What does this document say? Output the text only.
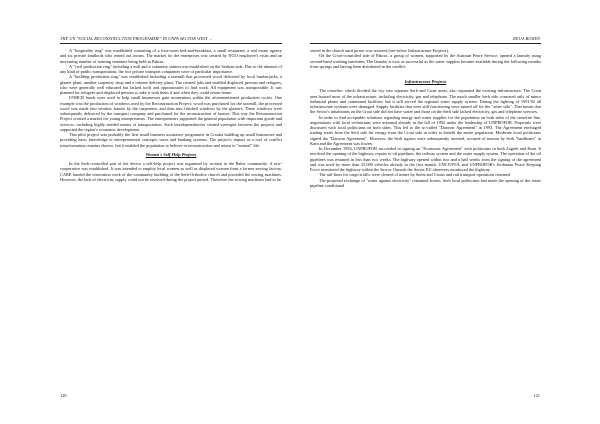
THE UN "SOCIAL RECONSTRUCTION PROGRAMME" IN UNPA SECTOR WEST ...	REIJA BOIIEN

A "hospitality ring" was established consisting of a four-room bed-and-breakfast, a small restaurant, a real estate agency and six private landlords who rented out rooms. The market for the enterprises was created by NGO employee's visits and an increasing number of training seminars being held in Pakrac.

A "civil production ring" including a mill and a voluntary station was established on the Serbian side. Due to the absence of any kind of public transportation, the two private transport companies were of particular importance.

A "building production ring" was established including a sawmill that processed wood delivered by local lumberjacks, a glazier plant, another carpentry shop and a cement delivery plant. The created jobs and enabled displaced persons and refugees, who were generally well educated but lacked tools and opportunities to find work. All equipment was transportable. It was planned for refugees and displaced persons to take it with them if and when they could return home.

UNHCR funds were used to help small businesses gain momentum within the aforementioned production cycles. One example was the production of windows used by the Reconstruction Project: wood was purchased for the sawmill, the processed wood was made into window frames by the carpenters, and then into finished windows by the glaziers. These windows were subsequently delivered by the transport company and purchased for the reconstruction of houses. This way the Reconstruction Project created a market for young entrepreneurs. The entrepreneurs supported the general population with important goods and services, including highly needed means of transportation. Such interdependencies created synergies between the projects and supported the region's economic development.

This pilot project was probably the first small business assistance programme in Croatia building up small businesses and providing basic knowledge of entrepreneurial concepts, taxes and banking systems. The project's impact as a tool of conflict transformation remains elusive, but it enabled the population to believe in reconstruction and return to "normal" life.

Women's Self-Help Projects

In the Serb-controlled part of the Sector a self-help project was organised by women in the Baltic community. A sew-cooperative was established. It was intended to employ local women as well as displaced women from a former sewing factory. CARE funded the renovation work of the community building of the Serb-Orthodox church and provided the sewing machines. However, the lack of electricity supply could not be resolved during the project period. Therefore the sewing machines had to be

stored in the church until power was restored (see below Infrastructure Projects).

On the Croat-controlled side of Pakrac, a group of women, supported by the Austrian Peace Service, opened a laundry using second-hand washing machines. The laundry is now as successful as the water supplies became available during the following months from springs and having been distributed in the conflict.

Infrastructure Projects

The ceasefire, which divided the city into separate Serb and Croat areas, also separated the existing infrastructure. The Croat area housed most of the infrastructure, including electricity, gas and telephone. The much smaller Serb side consisted only of minor industrial plants and communal facilities, but it still served the regional water supply system. During the fighting of 1991/92 all infrastructure systems were damaged. Supply facilities that were still functioning were turned off for the "other side". That meant that the Sector's inhabitants on the Croat side did not have water and those on the Serb side lacked electricity, gas and telephone services.

In order to find acceptable solutions regarding energy and water supplies for the population on both sides of the ceasefire line, negotiations with local technicians were assumed already in the fall of 1992 under the leadership of UNPROFOR. Proposals were discussed with local politicians on both sides. This led to the so-called "Daruvar Agreement" in 1993. The Agreement envisaged trading water from the Serb side for energy from the Croat side in order to benefit the entire population. Moderate local politicians signed the "Daruvar Agreement". However, the Serb signers were subsequently arrested, accused of treason by Serb "hardliners" in Knin and the Agreement was frozen.

In December 1994, UNPROFOR succeeded in signing an "Economic Agreement" with politicians in both Zagreb and Knin. It involved the opening of the highway, repairs to oil pipelines, the railway system and the water supply system. The operation of the oil pipelines was resumed in less than two weeks. The highway opened within two and a half weeks from the signing of the agreement and was used by more than 25,000 vehicles already in the first month. UNCIVPOL and UNPROFOR's Jordanian Peace Keeping Force monitored the highway within the Sector. Outside the Sector EU observers monitored the highway.

The rail-lines for cargo-traffic were cleared of mines by Serbs and Croats and rail transport operations resumed.

The proposed exchange of "water against electricity" remained frozen. Serb local politicians had made the opening of the water pipeline conditional

120	121
